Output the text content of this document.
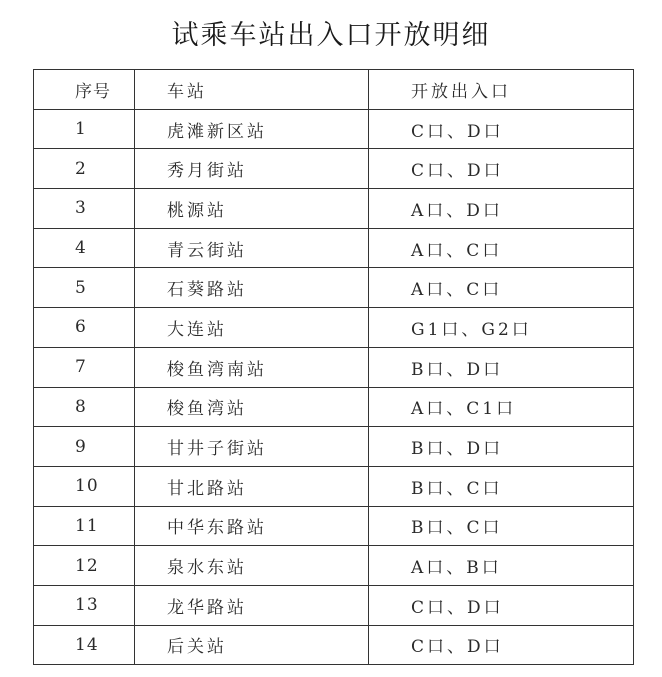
试乘车站出入口开放明细
序号	车站	开放出入口
1	虎滩新区站	C口、D口
2	秀月街站	C口、D口
3	桃源站	A口、D口
4	青云街站	A口、C口
5	石葵路站	A口、C口
6	大连站	G1口、G2口
7	梭鱼湾南站	B口、D口
8	梭鱼湾站	A口、C1口
9	甘井子街站	B口、D口
10	甘北路站	B口、C口
11	中华东路站	B口、C口
12	泉水东站	A口、B口
13	龙华路站	C口、D口
14	后关站	C口、D口
